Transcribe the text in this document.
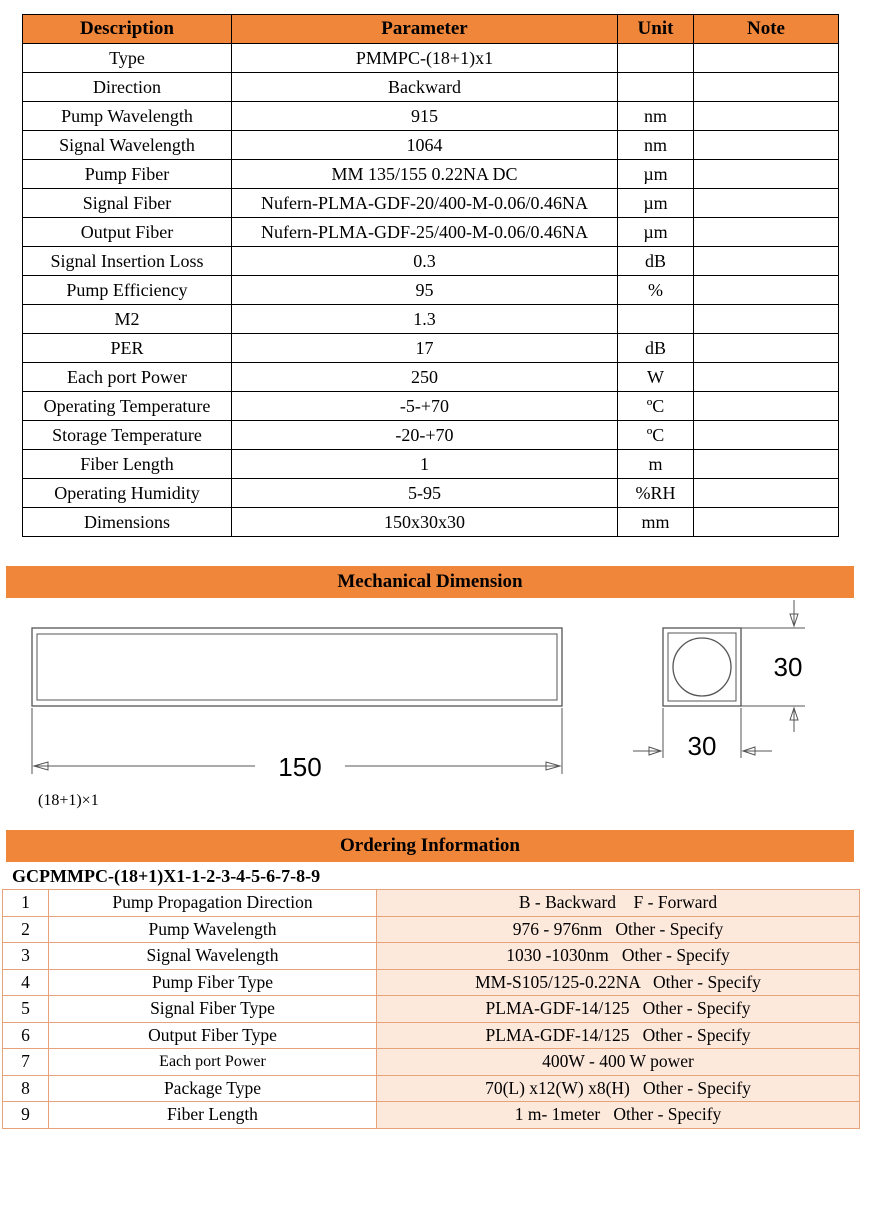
Description	Parameter	Unit	Note
Type	PMMPC-(18+1)x1		
Direction	Backward		
Pump Wavelength	915	nm	
Signal Wavelength	1064	nm	
Pump Fiber	MM 135/155 0.22NA DC	µm	
Signal Fiber	Nufern-PLMA-GDF-20/400-M-0.06/0.46NA	µm	
Output Fiber	Nufern-PLMA-GDF-25/400-M-0.06/0.46NA	µm	
Signal Insertion Loss	0.3	dB	
Pump Efficiency	95	%	
M2	1.3		
PER	17	dB	
Each port Power	250	W	
Operating Temperature	-5-+70	ºC	
Storage Temperature	-20-+70	ºC	
Fiber Length	1	m	
Operating Humidity	5-95	%RH	
Dimensions	150x30x30	mm	
Mechanical Dimension
150
30
30
(18+1)×1
Ordering Information
GCPMMPC-(18+1)X1-1-2-3-4-5-6-7-8-9
1	Pump Propagation Direction	B - Backward    F - Forward
2	Pump Wavelength	976 - 976nm   Other - Specify
3	Signal Wavelength	1030 -1030nm   Other - Specify
4	Pump Fiber Type	MM-S105/125-0.22NA   Other - Specify
5	Signal Fiber Type	PLMA-GDF-14/125   Other - Specify
6	Output Fiber Type	PLMA-GDF-14/125   Other - Specify
7	Each port Power	400W - 400 W power
8	Package Type	70(L) x12(W) x8(H)   Other - Specify
9	Fiber Length	1 m- 1meter   Other - Specify
